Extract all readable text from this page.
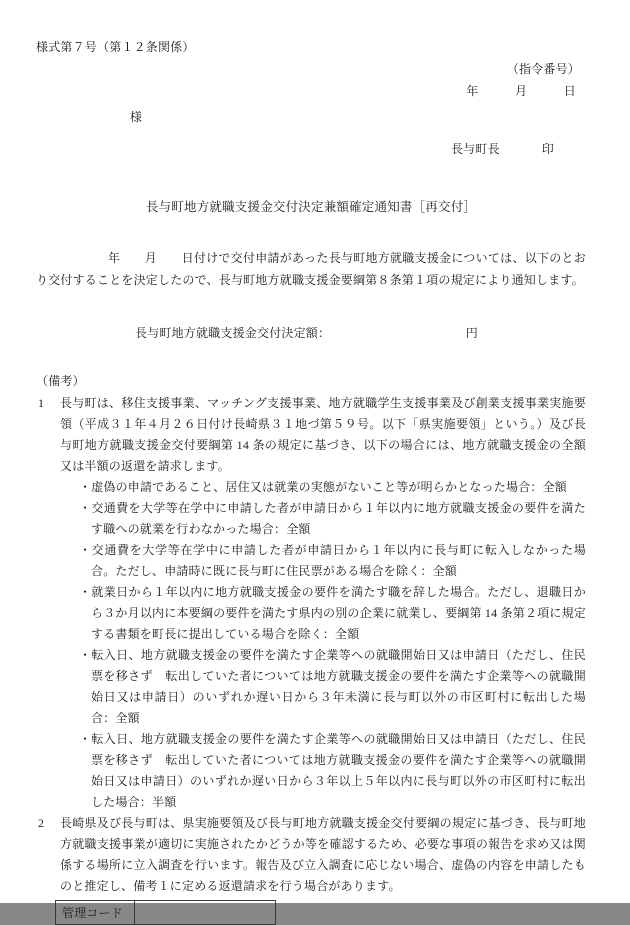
様式第７号（第１２条関係）
（指令番号）
年　　　月　　　日
様
長与町長	印
長与町地方就職支援金交付決定兼額確定通知書［再交付］
年　　月　　日付けで交付申請があった長与町地方就職支援金については、以下のとおり交付することを決定したので、長与町地方就職支援金要綱第８条第１項の規定により通知します。
長与町地方就職支援金交付決定額：	円
（備考）
1 長与町は、移住支援事業、マッチング支援事業、地方就職学生支援事業及び創業支援事業実施要領（平成３１年４月２６日付け長崎県３１地づ第５９号。以下「県実施要領」という。）及び長与町地方就職支援金交付要綱第 14 条の規定に基づき、以下の場合には、地方就職支援金の全額又は半額の返還を請求します。
・虚偽の申請であること、居住又は就業の実態がないこと等が明らかとなった場合：全額
・交通費を大学等在学中に申請した者が申請日から１年以内に地方就職支援金の要件を満たす職への就業を行わなかった場合：全額
・交通費を大学等在学中に申請した者が申請日から１年以内に長与町に転入しなかった場合。ただし、申請時に既に長与町に住民票がある場合を除く：全額
・就業日から１年以内に地方就職支援金の要件を満たす職を辞した場合。ただし、退職日から３か月以内に本要綱の要件を満たす県内の別の企業に就業し、要綱第 14 条第２項に規定する書類を町長に提出している場合を除く：全額
・転入日、地方就職支援金の要件を満たす企業等への就職開始日又は申請日（ただし、住民票を移さず　転出していた者については地方就職支援金の要件を満たす企業等への就職開始日又は申請日）のいずれか遅い日から３年未満に長与町以外の市区町村に転出した場合：全額
・転入日、地方就職支援金の要件を満たす企業等への就職開始日又は申請日（ただし、住民票を移さず　転出していた者については地方就職支援金の要件を満たす企業等への就職開始日又は申請日）のいずれか遅い日から３年以上５年以内に長与町以外の市区町村に転出した場合：半額
2 長崎県及び長与町は、県実施要領及び長与町地方就職支援金交付要綱の規定に基づき、長与町地方就職支援事業が適切に実施されたかどうか等を確認するため、必要な事項の報告を求め又は関係する場所に立入調査を行います。報告及び立入調査に応じない場合、虚偽の内容を申請したものと推定し、備考１に定める返還請求を行う場合があります。
管理コード	
